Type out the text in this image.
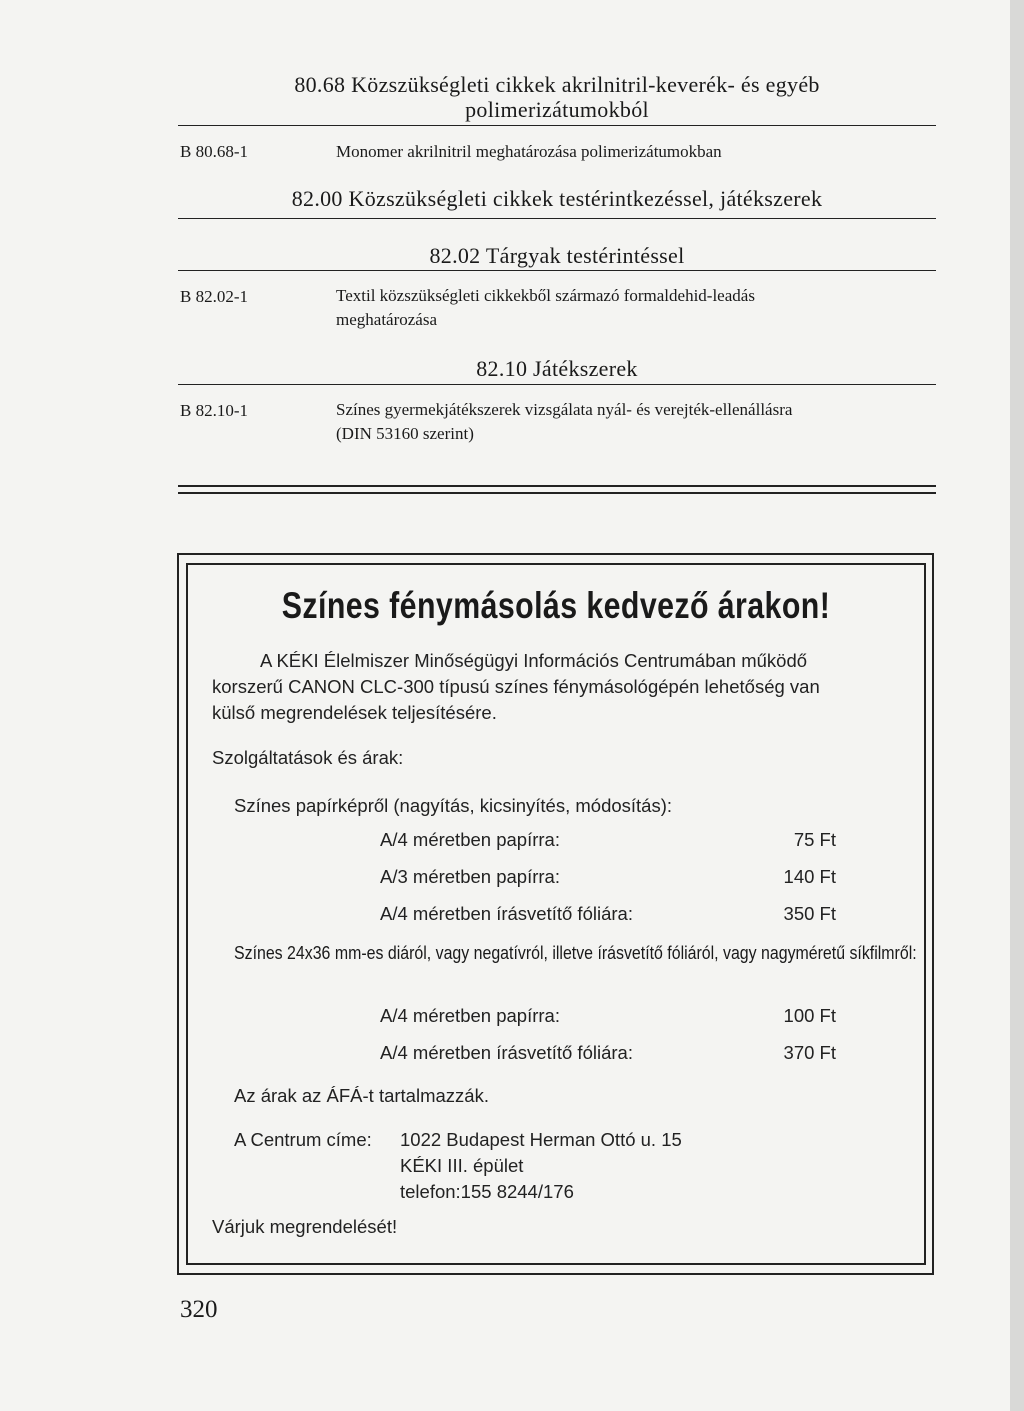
80.68 Közszükségleti cikkek akrilnitril-keverék- és egyéb
polimerizátumokból
B 80.68-1	Monomer akrilnitril meghatározása polimerizátumokban
82.00 Közszükségleti cikkek testérintkezéssel, játékszerek
82.02 Tárgyak testérintéssel
B 82.02-1	Textil közszükségleti cikkekből származó formaldehid-leadás
meghatározása
82.10 Játékszerek
B 82.10-1	Színes gyermekjátékszerek vizsgálata nyál- és verejték-ellenállásra
(DIN 53160 szerint)
Színes fénymásolás kedvező árakon!
A KÉKI Élelmiszer Minőségügyi Információs Centrumában működő
korszerű CANON CLC-300 típusú színes fénymásológépén lehetőség van
külső megrendelések teljesítésére.
Szolgáltatások és árak:
Színes papírképről (nagyítás, kicsinyítés, módosítás):
A/4 méretben papírra:	75 Ft
A/3 méretben papírra:	140 Ft
A/4 méretben írásvetítő fóliára:	350 Ft
Színes 24x36 mm-es diáról, vagy negatívról, illetve írásvetítő fóliáról, vagy nagyméretű síkfilmről:
A/4 méretben papírra:	100 Ft
A/4 méretben írásvetítő fóliára:	370 Ft
Az árak az ÁFÁ-t tartalmazzák.
A Centrum címe: 1022 Budapest Herman Ottó u. 15
KÉKI III. épület
telefon:155 8244/176
Várjuk megrendelését!
320
